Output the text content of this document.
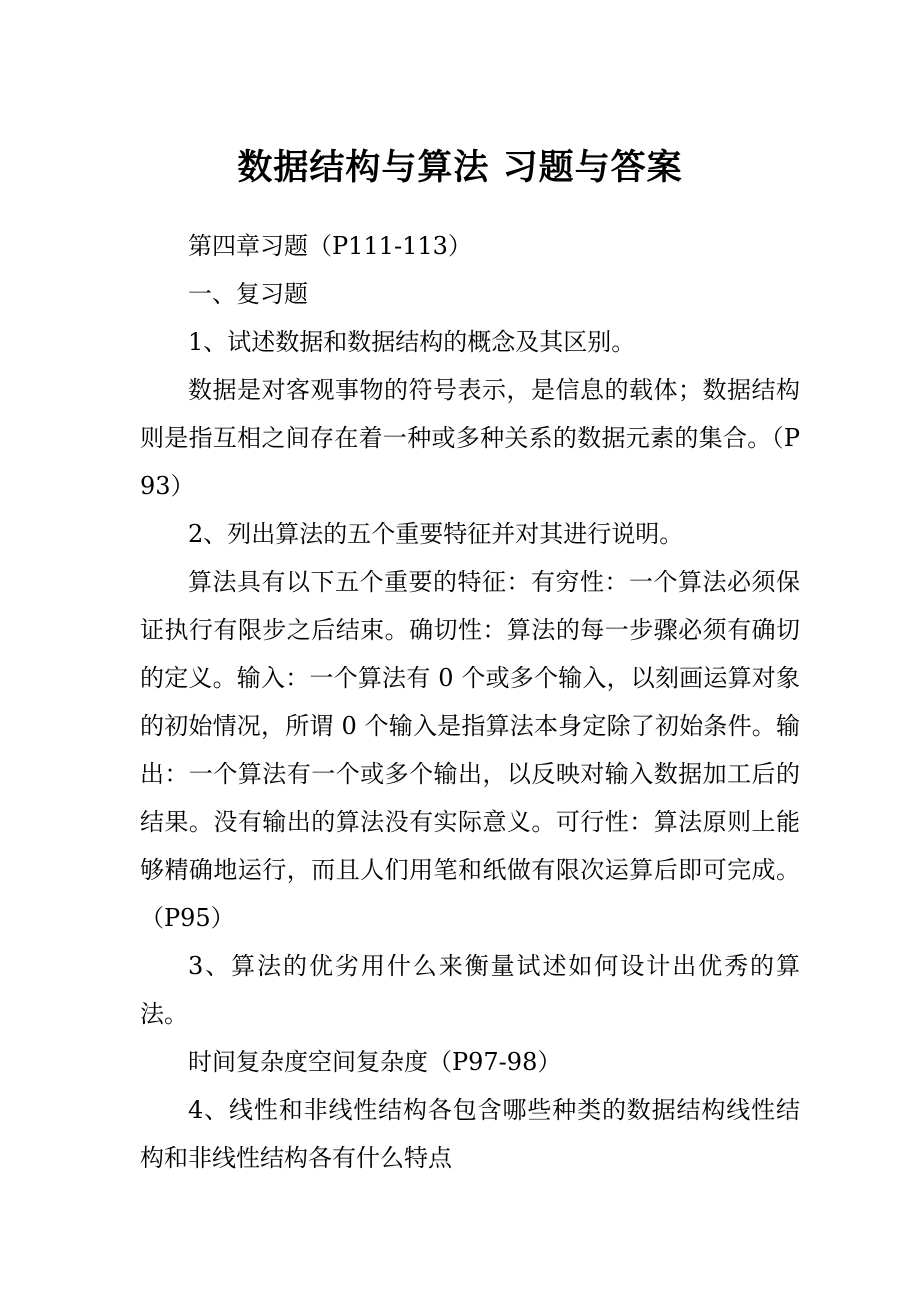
数据结构与算法 习题与答案

第四章习题（P111-113）

一、复习题

1、试述数据和数据结构的概念及其区别。

数据是对客观事物的符号表示，是信息的载体；数据结构则是指互相之间存在着一种或多种关系的数据元素的集合。（P93）

2、列出算法的五个重要特征并对其进行说明。

算法具有以下五个重要的特征：有穷性：一个算法必须保证执行有限步之后结束。确切性：算法的每一步骤必须有确切的定义。输入：一个算法有 0 个或多个输入，以刻画运算对象的初始情况，所谓 0 个输入是指算法本身定除了初始条件。输出：一个算法有一个或多个输出，以反映对输入数据加工后的结果。没有输出的算法没有实际意义。可行性：算法原则上能够精确地运行，而且人们用笔和纸做有限次运算后即可完成。（P95）

3、算法的优劣用什么来衡量试述如何设计出优秀的算法。

时间复杂度空间复杂度（P97-98）

4、线性和非线性结构各包含哪些种类的数据结构线性结构和非线性结构各有什么特点
